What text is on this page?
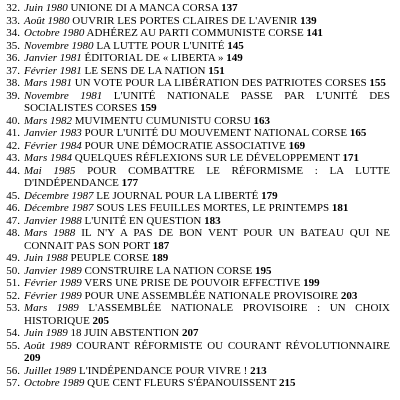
32. Juin 1980 UNIONE DI A MANCA CORSA 137
33. Août 1980 OUVRIR LES PORTES CLAIRES DE L'AVENIR 139
34. Octobre 1980 ADHÉREZ AU PARTI COMMUNISTE CORSE 141
35. Novembre 1980 LA LUTTE POUR L'UNITÉ 145
36. Janvier 1981 ÉDITORIAL DE « LIBERTA » 149
37. Février 1981 LE SENS DE LA NATION 151
38. Mars 1981 UN VOTE POUR LA LIBÉRATION DES PATRIOTES CORSES 155
39. Novembre 1981 L'UNITÉ NATIONALE PASSE PAR L'UNITÉ DES SOCIALISTES CORSES 159
40. Mars 1982 MUVIMENTU CUMUNISTU CORSU 163
41. Janvier 1983 POUR L'UNITÉ DU MOUVEMENT NATIONAL CORSE 165
42. Février 1984 POUR UNE DÉMOCRATIE ASSOCIATIVE 169
43. Mars 1984 QUELQUES RÉFLEXIONS SUR LE DÉVELOPPEMENT 171
44. Mai 1985 POUR COMBATTRE LE RÉFORMISME : LA LUTTE D'INDÉPENDANCE 177
45. Décembre 1987 LE JOURNAL POUR LA LIBERTÉ 179
46. Décembre 1987 SOUS LES FEUILLES MORTES, LE PRINTEMPS 181
47. Janvier 1988 L'UNITÉ EN QUESTION 183
48. Mars 1988 IL N'Y A PAS DE BON VENT POUR UN BATEAU QUI NE CONNAIT PAS SON PORT 187
49. Juin 1988 PEUPLE CORSE 189
50. Janvier 1989 CONSTRUIRE LA NATION CORSE 195
51. Février 1989 VERS UNE PRISE DE POUVOIR EFFECTIVE 199
52. Février 1989 POUR UNE ASSEMBLÉE NATIONALE PROVISOIRE 203
53. Mars 1989 L'ASSEMBLÉE NATIONALE PROVISOIRE : UN CHOIX HISTORIQUE 205
54. Juin 1989 18 JUIN ABSTENTION 207
55. Août 1989 COURANT RÉFORMISTE OU COURANT RÉVOLUTIONNAIRE 209
56. Juillet 1989 L'INDÉPENDANCE POUR VIVRE ! 213
57. Octobre 1989 QUE CENT FLEURS S'ÉPANOUISSENT 215
